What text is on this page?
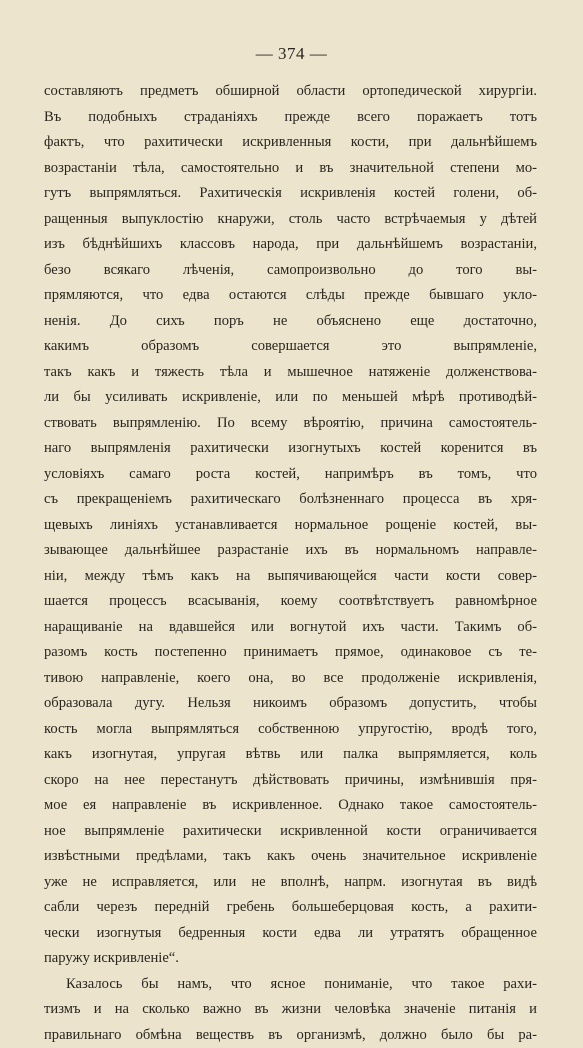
— 374 —
составляютъ предметъ обширной области ортопедической хирургіи.
Въ подобныхъ страданіяхъ прежде всего поражаетъ тотъ
фактъ, что рахитически искривленныя кости, при дальнѣйшемъ
возрастаніи тѣла, самостоятельно и въ значительной степени мо-
гутъ выпрямляться. Рахитическія искривленія костей голени, об-
ращенныя выпуклостію кнаружи, столь часто встрѣчаемыя у дѣтей
изъ бѣднѣйшихъ классовъ народа, при дальнѣйшемъ возрастаніи,
безо всякаго лѣченія, самопроизвольно до того вы-
прямляются, что едва остаются слѣды прежде бывшаго укло-
ненія. До сихъ поръ не объяснено еще достаточно,
какимъ образомъ совершается это выпрямленіе,
такъ какъ и тяжесть тѣла и мышечное натяженіе долженствова-
ли бы усиливать искривленіе, или по меньшей мѣрѣ противодѣй-
ствовать выпрямленію. По всему вѣроятію, причина самостоятель-
наго выпрямленія рахитически изогнутыхъ костей коренится въ
условіяхъ самаго роста костей, напримѣръ въ томъ, что
съ прекращеніемъ рахитическаго болѣзненнаго процесса въ хря-
щевыхъ линіяхъ устанавливается нормальное рощеніе костей, вы-
зывающее дальнѣйшее разрастаніе ихъ въ нормальномъ направле-
ніи, между тѣмъ какъ на выпячивающейся части кости совер-
шается процессъ всасыванія, коему соотвѣтствуетъ равномѣрное
наращиваніе на вдавшейся или вогнутой ихъ части. Такимъ об-
разомъ кость постепенно принимаетъ прямое, одинаковое съ те-
тивою направленіе, коего она, во все продолженіе искривленія,
образовала дугу. Нельзя никоимъ образомъ допустить, чтобы
кость могла выпрямляться собственною упругостію, вродѣ того,
какъ изогнутая, упругая вѣтвь или палка выпрямляется, коль
скоро на нее перестанутъ дѣйствовать причины, измѣнившія пря-
мое ея направленіе въ искривленное. Однако такое самостоятель-
ное выпрямленіе рахитически искривленной кости ограничивается
извѣстными предѣлами, такъ какъ очень значительное искривленіе
уже не исправляется, или не вполнѣ, напрм. изогнутая въ видѣ
сабли черезъ передній гребень большеберцовая кость, а рахити-
чески изогнутыя бедренныя кости едва ли утратятъ обращенное
паружу искривленіе“.
Казалось бы намъ, что ясное пониманіе, что такое рахи-
тизмъ и на сколько важно въ жизни человѣка значеніе питанія и
правильнаго обмѣна веществъ въ организмѣ, должно было бы ра-
